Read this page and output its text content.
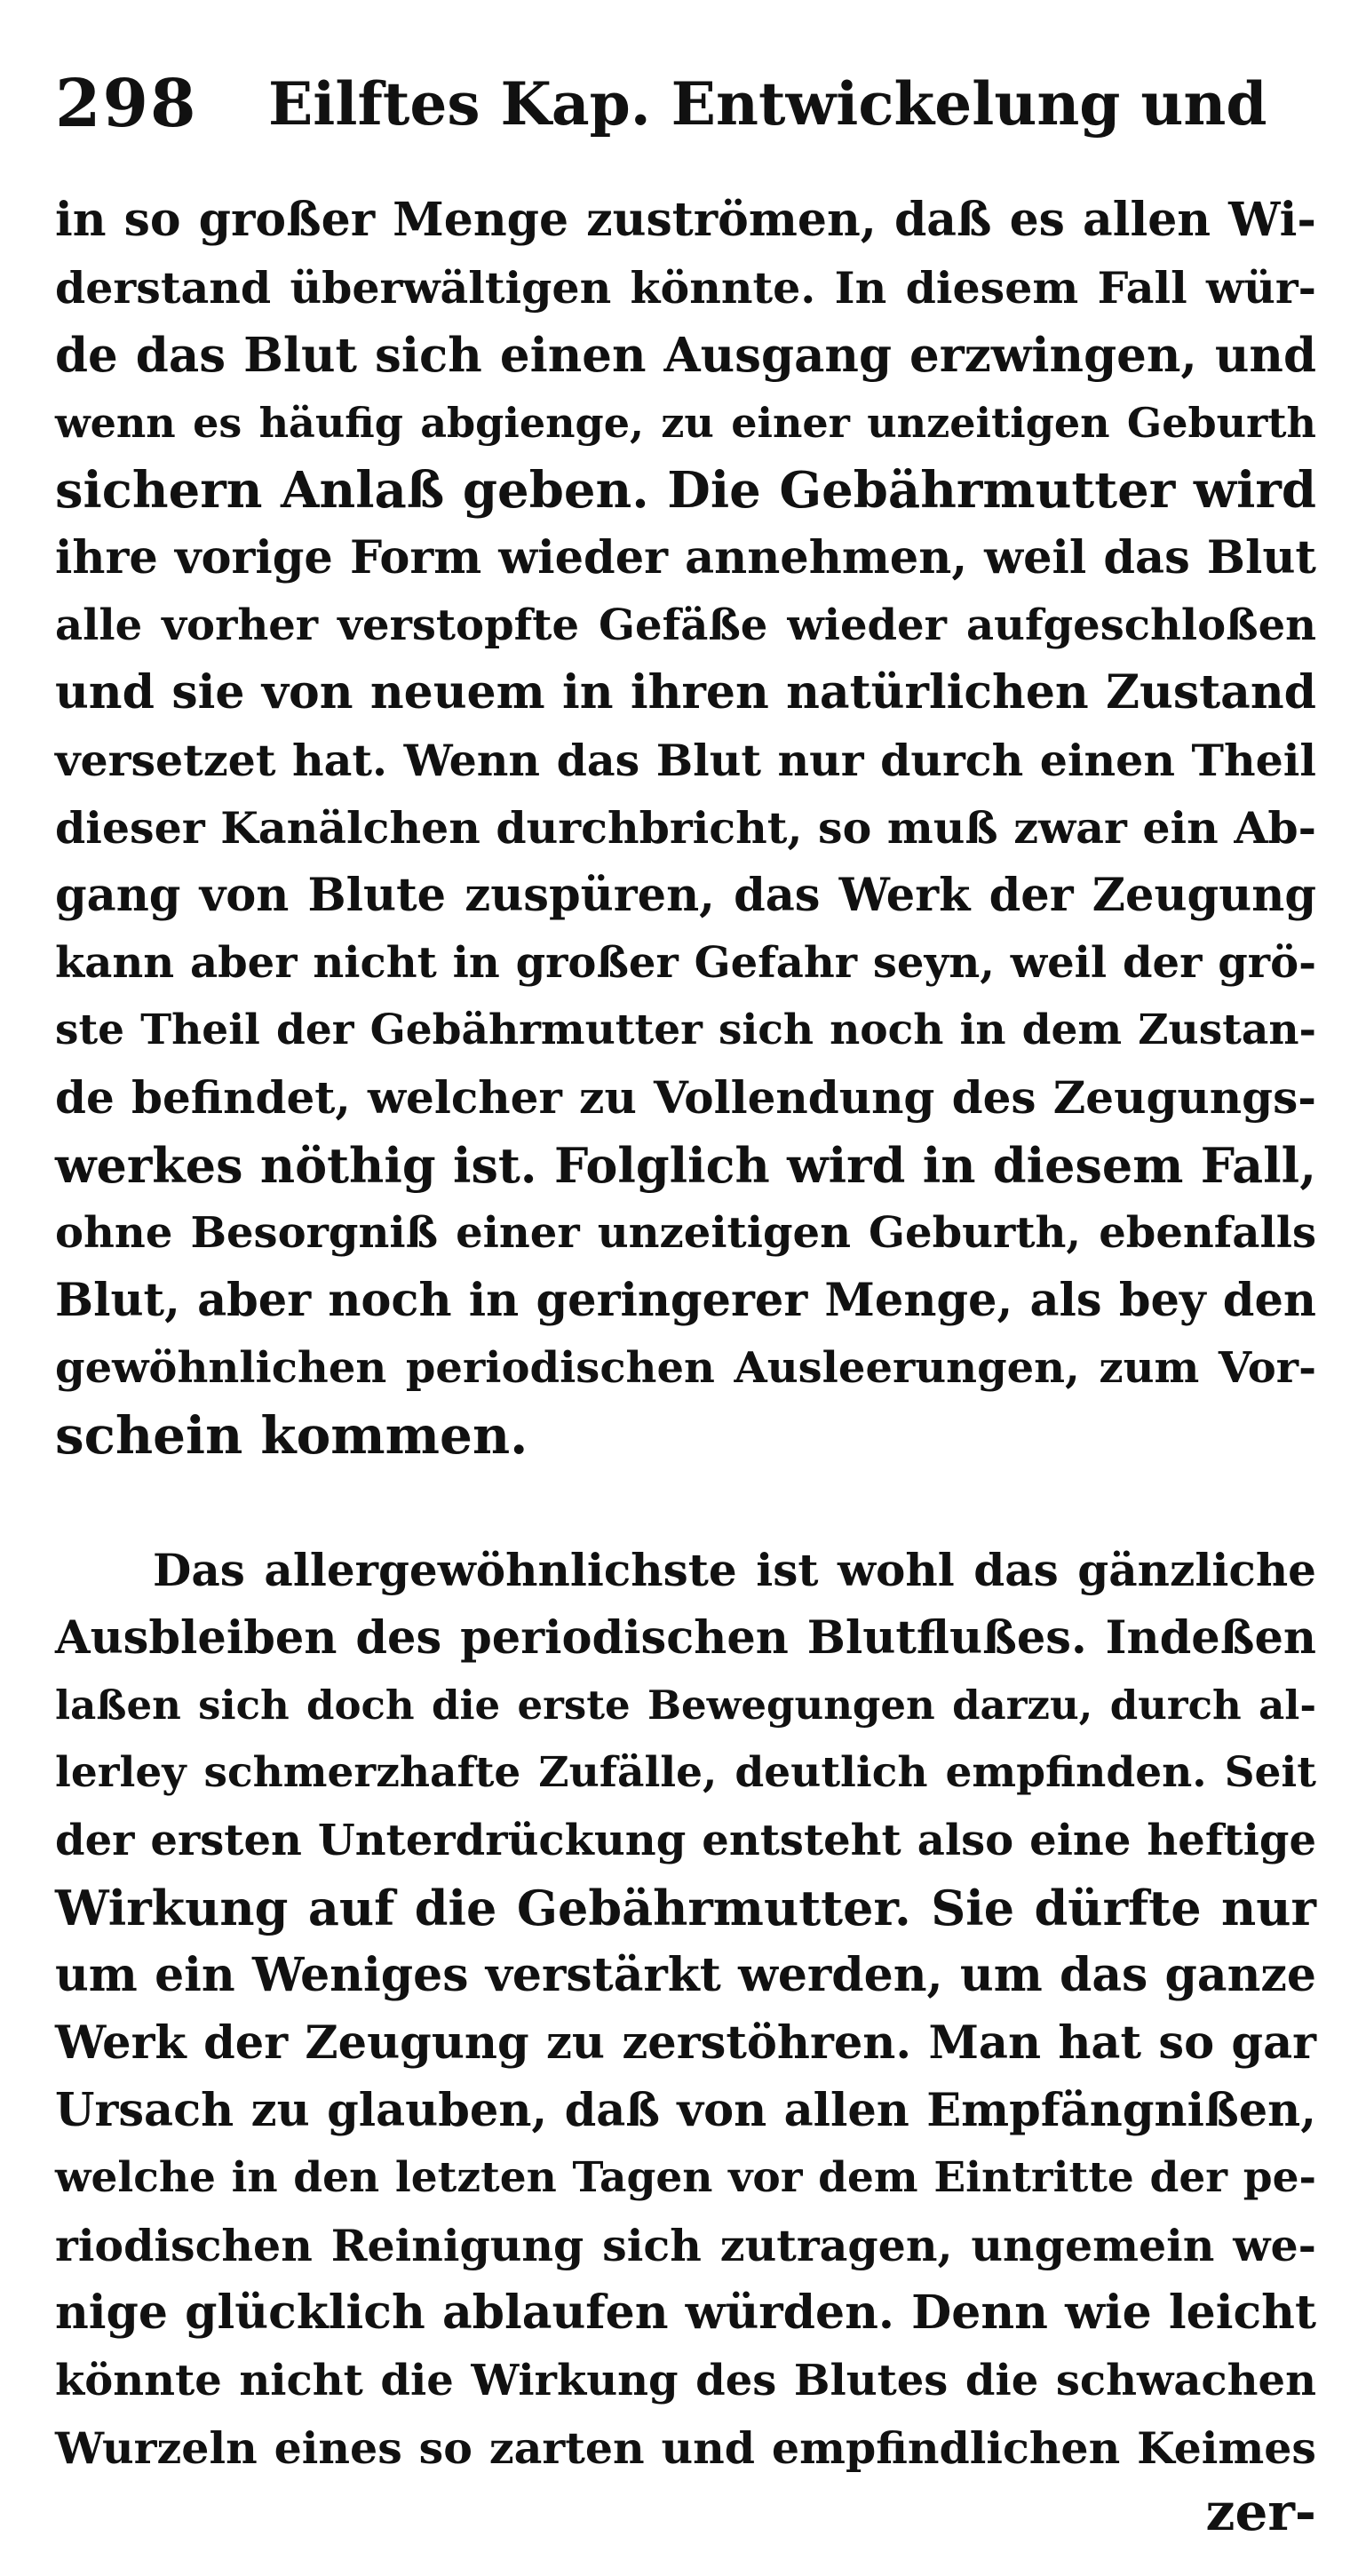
298 Eilftes Kap. Entwickelung und
in so großer Menge zuströmen, daß es allen Wi-
derstand überwältigen könnte. In diesem Fall wür-
de das Blut sich einen Ausgang erzwingen, und
wenn es häufig abgienge, zu einer unzeitigen Geburth
sichern Anlaß geben. Die Gebährmutter wird
ihre vorige Form wieder annehmen, weil das Blut
alle vorher verstopfte Gefäße wieder aufgeschloßen
und sie von neuem in ihren natürlichen Zustand
versetzet hat. Wenn das Blut nur durch einen Theil
dieser Kanälchen durchbricht, so muß zwar ein Ab-
gang von Blute zuspüren, das Werk der Zeugung
kann aber nicht in großer Gefahr seyn, weil der grö-
ste Theil der Gebährmutter sich noch in dem Zustan-
de befindet, welcher zu Vollendung des Zeugungs-
werkes nöthig ist. Folglich wird in diesem Fall,
ohne Besorgniß einer unzeitigen Geburth, ebenfalls
Blut, aber noch in geringerer Menge, als bey den
gewöhnlichen periodischen Ausleerungen, zum Vor-
schein kommen.
Das allergewöhnlichste ist wohl das gänzliche
Ausbleiben des periodischen Blutflußes. Indeßen
laßen sich doch die erste Bewegungen darzu, durch al-
lerley schmerzhafte Zufälle, deutlich empfinden. Seit
der ersten Unterdrückung entsteht also eine heftige
Wirkung auf die Gebährmutter. Sie dürfte nur
um ein Weniges verstärkt werden, um das ganze
Werk der Zeugung zu zerstöhren. Man hat so gar
Ursach zu glauben, daß von allen Empfängnißen,
welche in den letzten Tagen vor dem Eintritte der pe-
riodischen Reinigung sich zutragen, ungemein we-
nige glücklich ablaufen würden. Denn wie leicht
könnte nicht die Wirkung des Blutes die schwachen
Wurzeln eines so zarten und empfindlichen Keimes
zer-
